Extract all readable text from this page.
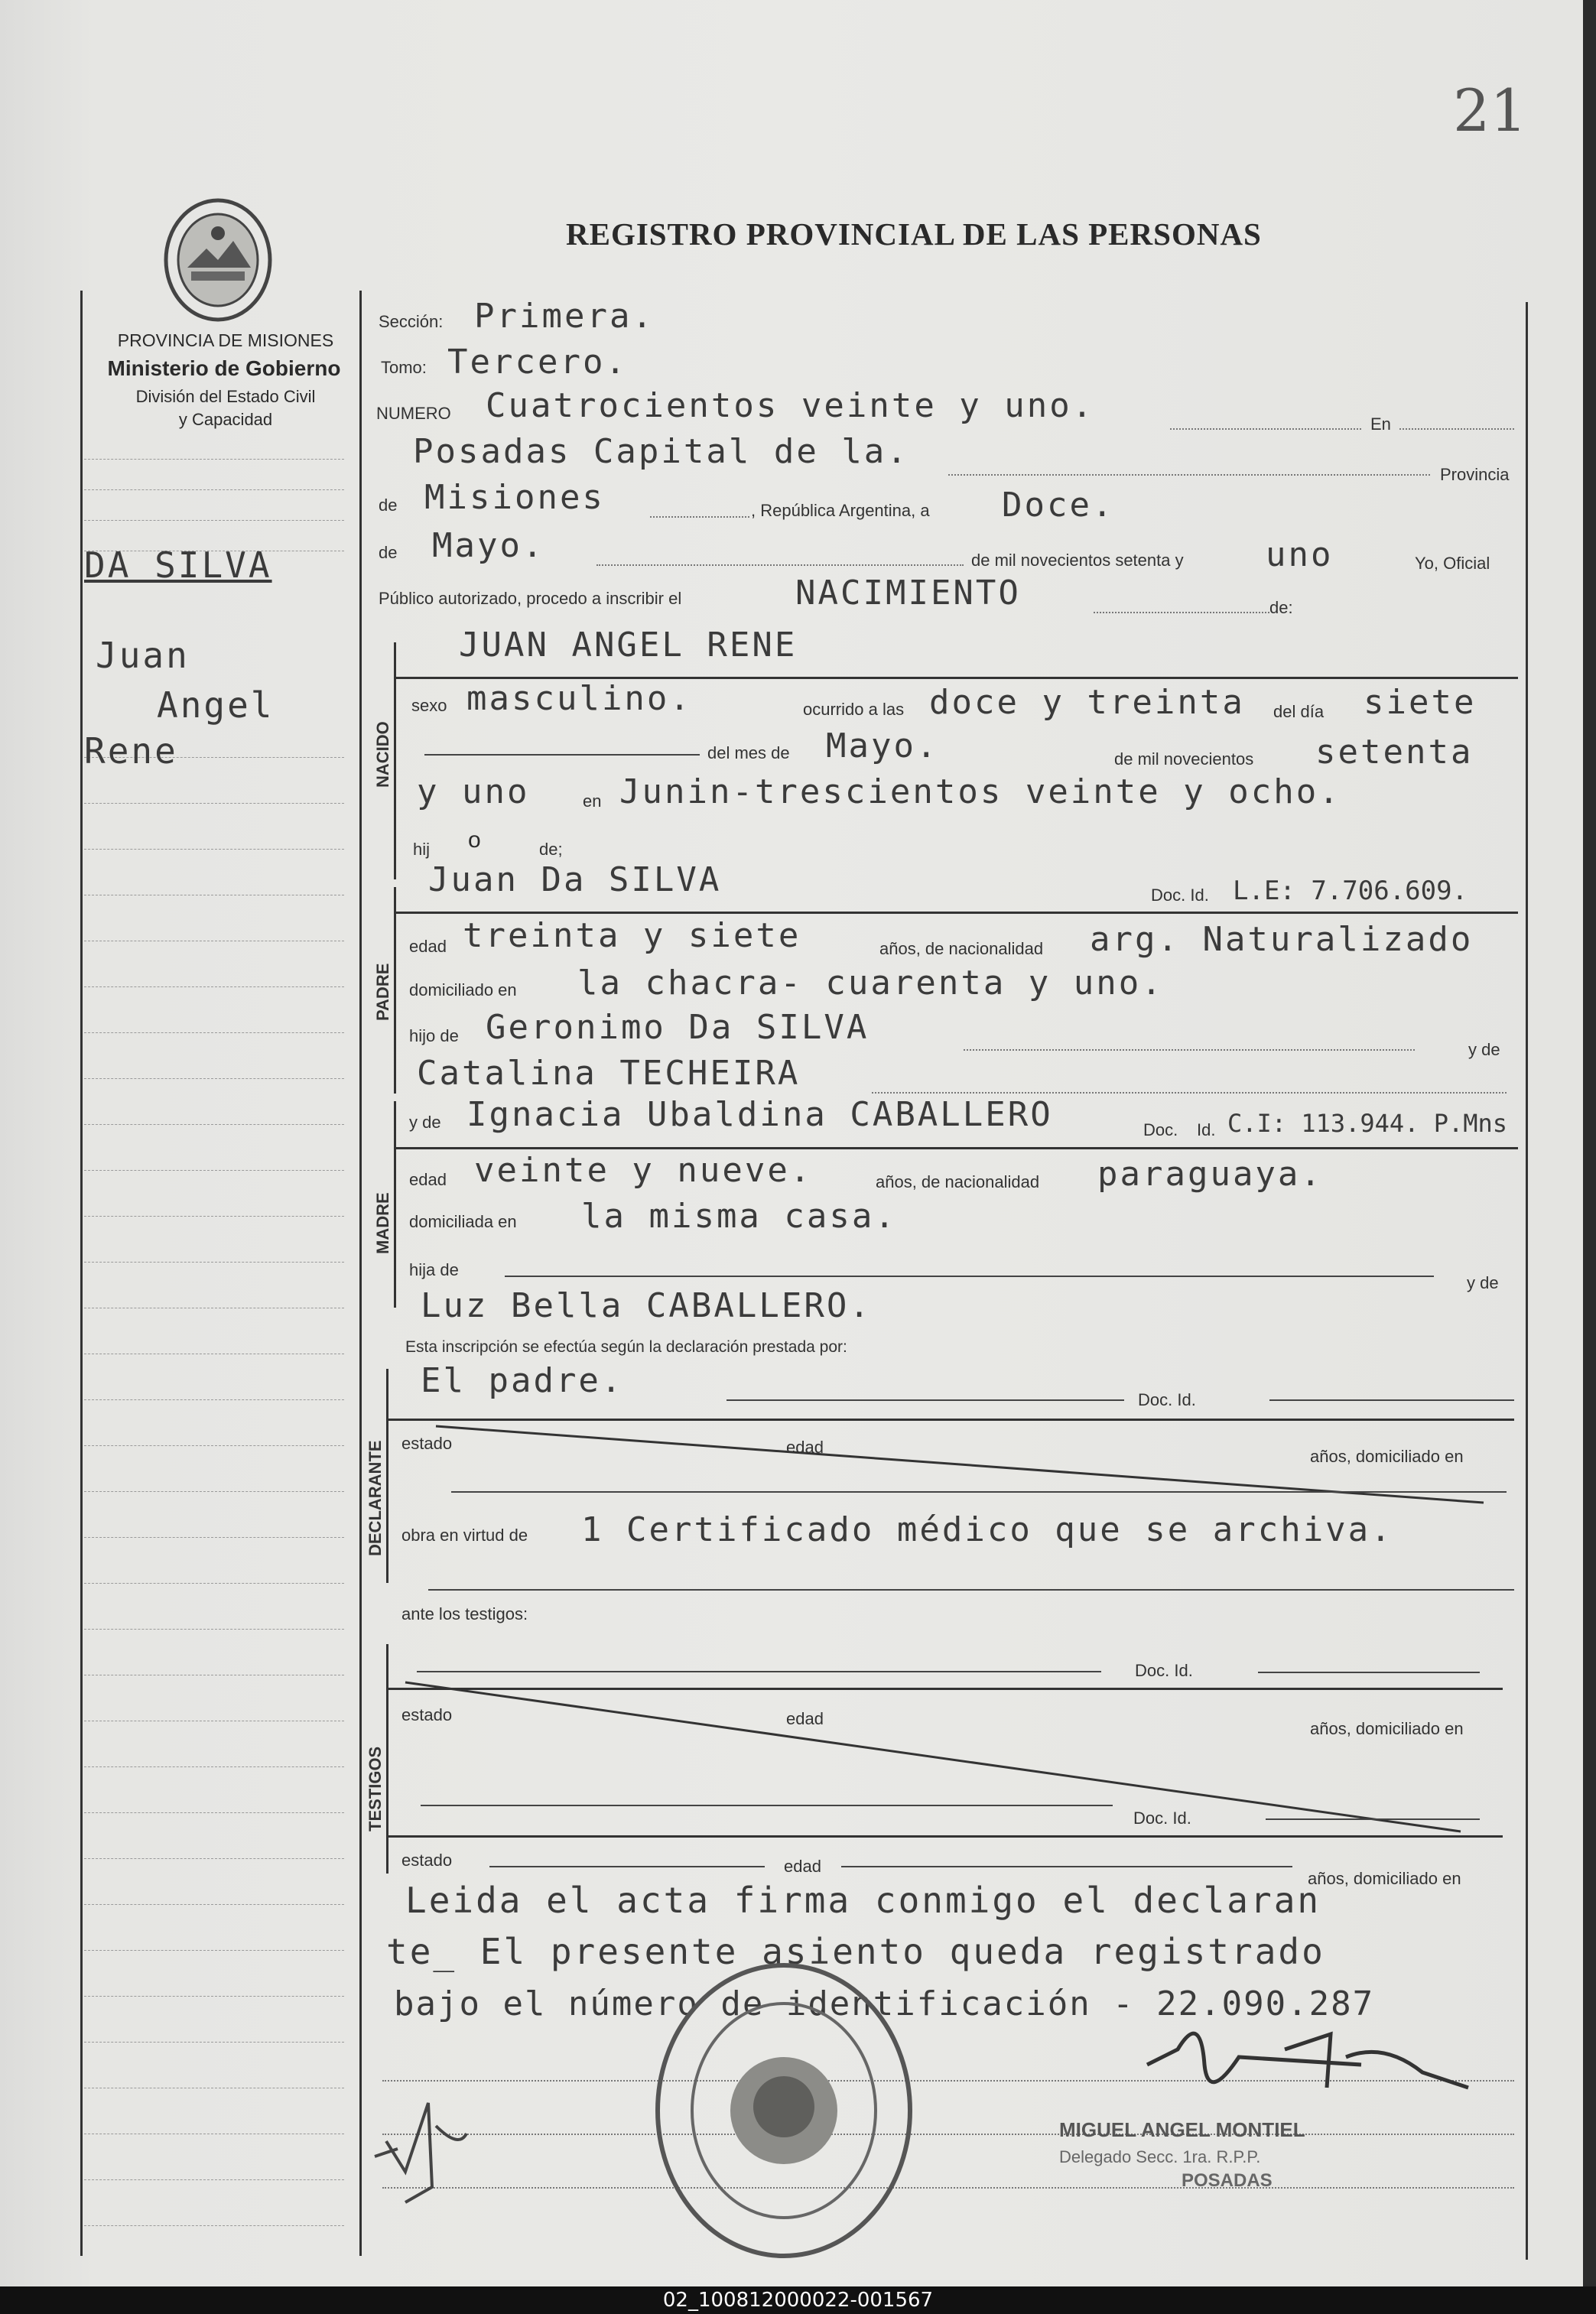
21
REGISTRO PROVINCIAL DE LAS PERSONAS
PROVINCIA DE MISIONES
Ministerio de Gobierno
División del Estado Civil
y Capacidad
DA SILVA
Juan
Angel
Rene
Sección: Primera.
Tomo: Tercero.
NUMERO Cuatrocientos veinte y uno.	En
Posadas Capital de la.
Provincia
de Misiones	, República Argentina, a Doce.
de Mayo.	de mil novecientos setenta y uno	Yo, Oficial
Público autorizado, procedo a inscribir el	NACIMIENTO	de:
NACIDO
JUAN ANGEL RENE
sexo masculino.	ocurrido a las doce y treinta del día siete
del mes de Mayo.	de mil novecientos setenta
y uno	en Junin-trescientos veinte y ocho.
hij o	de;
PADRE
Juan Da SILVA	Doc. Id. L.E: 7.706.609.
edad treinta y siete	años, de nacionalidad arg. Naturalizado
domiciliado en la chacra- cuarenta y uno.
hijo de Geronimo Da SILVA
y de
Catalina TECHEIRA
MADRE
y de Ignacia Ubaldina CABALLERO	Doc. Id. C.I: 113.944. P.Mns
edad veinte y nueve.	años, de nacionalidad paraguaya.
domiciliada en la misma casa.
hija de
y de
Luz Bella CABALLERO.
Esta inscripción se efectúa según la declaración prestada por:
DECLARANTE
El padre.	Doc. Id.
estado	edad	años, domiciliado en
obra en virtud de 1 Certificado médico que se archiva.
ante los testigos:
TESTIGOS
Doc. Id.
estado	edad
años, domiciliado en
Doc. Id.
estado	edad
años, domiciliado en
Leida el acta firma conmigo el declaran
te_ El presente asiento queda registrado
bajo el número de identificación - 22.090.287
MIGUEL ANGEL MONTIEL
Delegado Secc. 1ra. R.P.P.
POSADAS
02_100812000022-001567
